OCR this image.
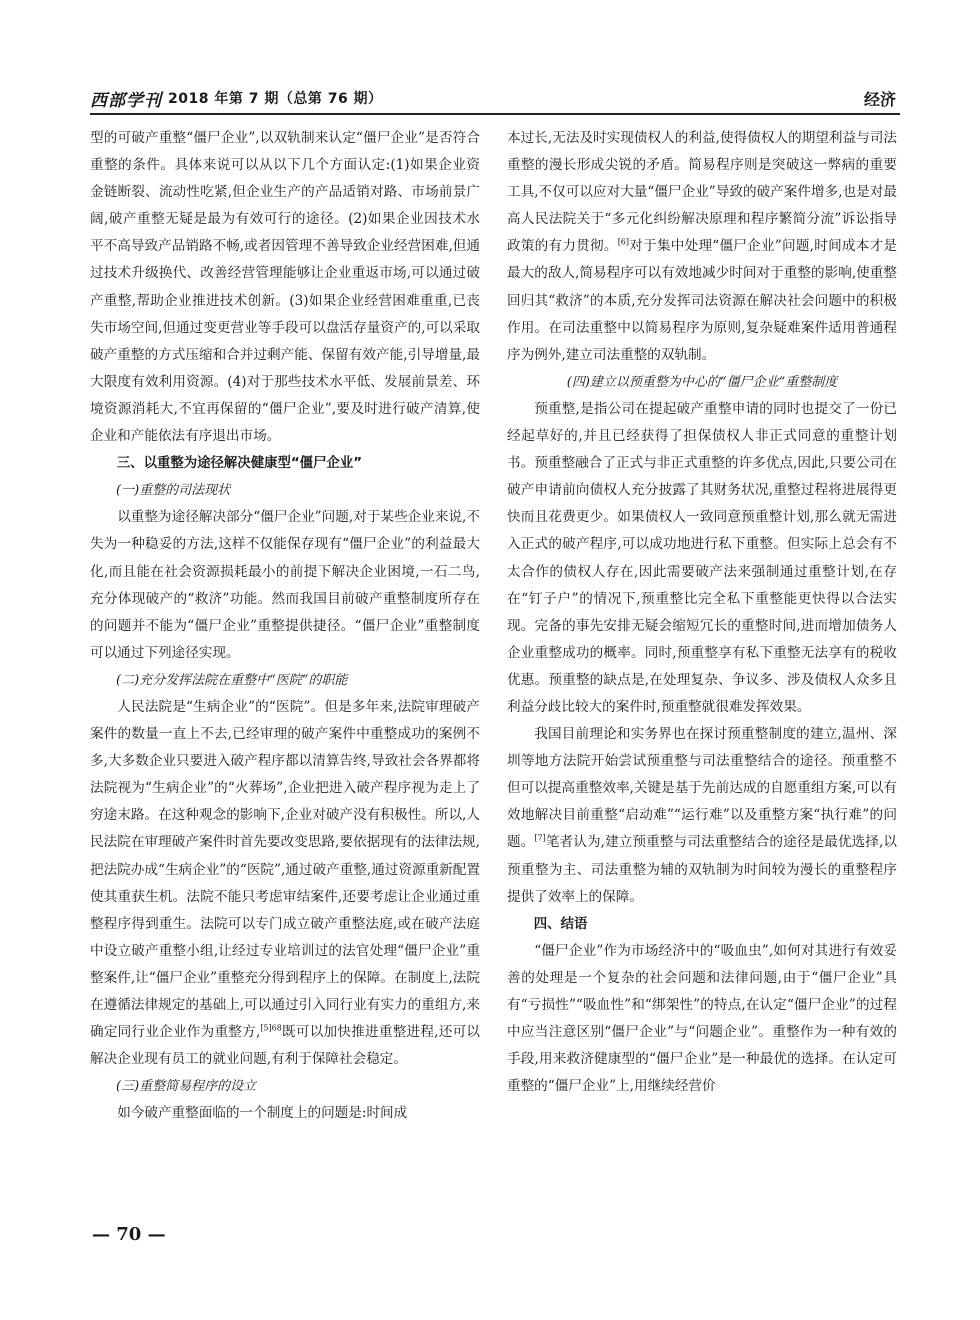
西部学刊 2018 年第 7 期（总第 76 期）	经济

型的可破产重整“僵尸企业”,以双轨制来认定“僵尸企业”是否符合重整的条件。具体来说可以从以下几个方面认定:(1)如果企业资金链断裂、流动性吃紧,但企业生产的产品适销对路、市场前景广阔,破产重整无疑是最为有效可行的途径。(2)如果企业因技术水平不高导致产品销路不畅,或者因管理不善导致企业经营困难,但通过技术升级换代、改善经营管理能够让企业重返市场,可以通过破产重整,帮助企业推进技术创新。(3)如果企业经营困难重重,已丧失市场空间,但通过变更营业等手段可以盘活存量资产的,可以采取破产重整的方式压缩和合并过剩产能、保留有效产能,引导增量,最大限度有效利用资源。(4)对于那些技术水平低、发展前景差、环境资源消耗大,不宜再保留的“僵尸企业”,要及时进行破产清算,使企业和产能依法有序退出市场。

三、以重整为途径解决健康型“僵尸企业”

(一)重整的司法现状

以重整为途径解决部分“僵尸企业”问题,对于某些企业来说,不失为一种稳妥的方法,这样不仅能保存现有“僵尸企业”的利益最大化,而且能在社会资源损耗最小的前提下解决企业困境,一石二鸟,充分体现破产的“救济”功能。然而我国目前破产重整制度所存在的问题并不能为“僵尸企业”重整提供捷径。“僵尸企业”重整制度可以通过下列途径实现。

(二)充分发挥法院在重整中“医院”的职能

人民法院是“生病企业”的“医院”。但是多年来,法院审理破产案件的数量一直上不去,已经审理的破产案件中重整成功的案例不多,大多数企业只要进入破产程序都以清算告终,导致社会各界都将法院视为“生病企业”的“火葬场”,企业把进入破产程序视为走上了穷途末路。在这种观念的影响下,企业对破产没有积极性。所以,人民法院在审理破产案件时首先要改变思路,要依据现有的法律法规,把法院办成“生病企业”的“医院”,通过破产重整,通过资源重新配置使其重获生机。法院不能只考虑审结案件,还要考虑让企业通过重整程序得到重生。法院可以专门成立破产重整法庭,或在破产法庭中设立破产重整小组,让经过专业培训过的法官处理“僵尸企业”重整案件,让“僵尸企业”重整充分得到程序上的保障。在制度上,法院在遵循法律规定的基础上,可以通过引入同行业有实力的重组方,来确定同行业企业作为重整方,$^{[5]68}$既可以加快推进重整进程,还可以解决企业现有员工的就业问题,有利于保障社会稳定。

(三)重整简易程序的设立

如今破产重整面临的一个制度上的问题是:时间成

本过长,无法及时实现债权人的利益,使得债权人的期望利益与司法重整的漫长形成尖锐的矛盾。简易程序则是突破这一弊病的重要工具,不仅可以应对大量“僵尸企业”导致的破产案件增多,也是对最高人民法院关于“多元化纠纷解决原理和程序繁简分流”诉讼指导政策的有力贯彻。[6]对于集中处理“僵尸企业”问题,时间成本才是最大的敌人,简易程序可以有效地减少时间对于重整的影响,使重整回归其“救济”的本质,充分发挥司法资源在解决社会问题中的积极作用。在司法重整中以简易程序为原则,复杂疑难案件适用普通程序为例外,建立司法重整的双轨制。

(四)建立以预重整为中心的“僵尸企业”重整制度

预重整,是指公司在提起破产重整申请的同时也提交了一份已经起草好的,并且已经获得了担保债权人非正式同意的重整计划书。预重整融合了正式与非正式重整的许多优点,因此,只要公司在破产申请前向债权人充分披露了其财务状况,重整过程将进展得更快而且花费更少。如果债权人一致同意预重整计划,那么就无需进入正式的破产程序,可以成功地进行私下重整。但实际上总会有不太合作的债权人存在,因此需要破产法来强制通过重整计划,在存在“钉子户”的情况下,预重整比完全私下重整能更快得以合法实现。完备的事先安排无疑会缩短冗长的重整时间,进而增加债务人企业重整成功的概率。同时,预重整享有私下重整无法享有的税收优惠。预重整的缺点是,在处理复杂、争议多、涉及债权人众多且利益分歧比较大的案件时,预重整就很难发挥效果。

我国目前理论和实务界也在探讨预重整制度的建立,温州、深圳等地方法院开始尝试预重整与司法重整结合的途径。预重整不但可以提高重整效率,关键是基于先前达成的自愿重组方案,可以有效地解决目前重整“启动难”“运行难”以及重整方案“执行难”的问题。[7]笔者认为,建立预重整与司法重整结合的途径是最优选择,以预重整为主、司法重整为辅的双轨制为时间较为漫长的重整程序提供了效率上的保障。

四、结语

“僵尸企业”作为市场经济中的“吸血虫”,如何对其进行有效妥善的处理是一个复杂的社会问题和法律问题,由于“僵尸企业”具有“亏损性”“吸血性”和“绑架性”的特点,在认定“僵尸企业”的过程中应当注意区别“僵尸企业”与“问题企业”。重整作为一种有效的手段,用来救济健康型的“僵尸企业”是一种最优的选择。在认定可重整的“僵尸企业”上,用继续经营价

— 70 —
